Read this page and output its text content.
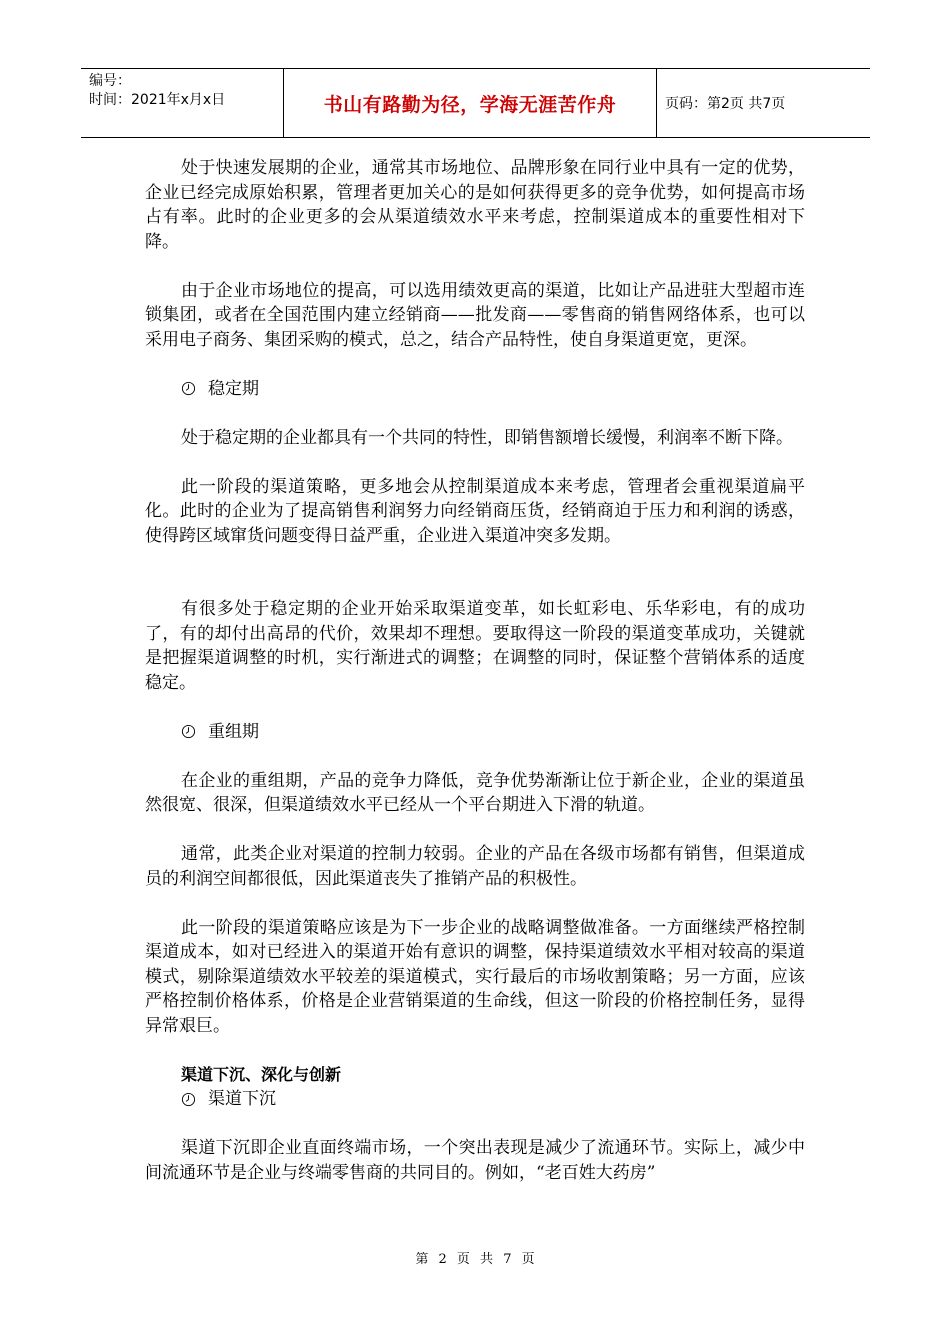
编号：
时间：2021年x月x日	书山有路勤为径，学海无涯苦作舟	页码：第2页 共7页

处于快速发展期的企业，通常其市场地位、品牌形象在同行业中具有一定的优势，企业已经完成原始积累，管理者更加关心的是如何获得更多的竞争优势，如何提高市场占有率。此时的企业更多的会从渠道绩效水平来考虑，控制渠道成本的重要性相对下降。

由于企业市场地位的提高，可以选用绩效更高的渠道，比如让产品进驻大型超市连锁集团，或者在全国范围内建立经销商——批发商——零售商的销售网络体系，也可以采用电子商务、集团采购的模式，总之，结合产品特性，使自身渠道更宽，更深。

稳定期

处于稳定期的企业都具有一个共同的特性，即销售额增长缓慢，利润率不断下降。

此一阶段的渠道策略，更多地会从控制渠道成本来考虑，管理者会重视渠道扁平化。此时的企业为了提高销售利润努力向经销商压货，经销商迫于压力和利润的诱惑，使得跨区域窜货问题变得日益严重，企业进入渠道冲突多发期。

有很多处于稳定期的企业开始采取渠道变革，如长虹彩电、乐华彩电，有的成功了，有的却付出高昂的代价，效果却不理想。要取得这一阶段的渠道变革成功，关键就是把握渠道调整的时机，实行渐进式的调整；在调整的同时，保证整个营销体系的适度稳定。

重组期

在企业的重组期，产品的竞争力降低，竞争优势渐渐让位于新企业，企业的渠道虽然很宽、很深，但渠道绩效水平已经从一个平台期进入下滑的轨道。

通常，此类企业对渠道的控制力较弱。企业的产品在各级市场都有销售，但渠道成员的利润空间都很低，因此渠道丧失了推销产品的积极性。

此一阶段的渠道策略应该是为下一步企业的战略调整做准备。一方面继续严格控制渠道成本，如对已经进入的渠道开始有意识的调整，保持渠道绩效水平相对较高的渠道模式，剔除渠道绩效水平较差的渠道模式，实行最后的市场收割策略；另一方面，应该严格控制价格体系，价格是企业营销渠道的生命线，但这一阶段的价格控制任务，显得异常艰巨。

渠道下沉、深化与创新

渠道下沉

渠道下沉即企业直面终端市场，一个突出表现是减少了流通环节。实际上，减少中间流通环节是企业与终端零售商的共同目的。例如，“老百姓大药房”

第 2 页 共 7 页
